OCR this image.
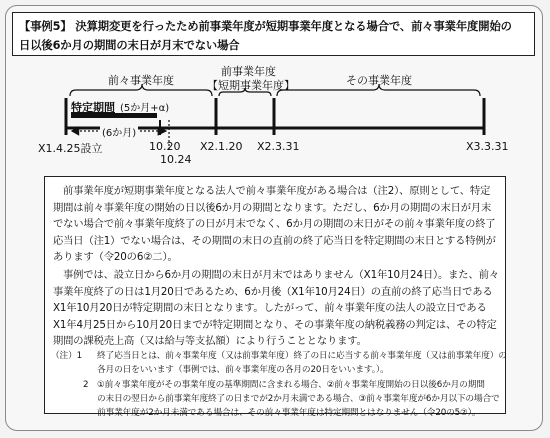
【事例5】 決算期変更を行ったため前事業年度が短期事業年度となる場合で、前々事業年度開始の
日以後6か月の期間の末日が月末でない場合
前々事業年度
前事業年度
【短期事業年度】	その事業年度
特定期間 (5か月+α)
(6か月)
X1.4.25設立	10.20
10.24
X2.1.20 X2.3.31	X3.3.31

前事業年度が短期事業年度となる法人で前々事業年度がある場合は（注2）、原則として、特定期間は前々事業年度の開始の日以後6か月の期間となります。ただし、6か月の期間の末日が月末でない場合で前々事業年度終了の日が月末でなく、6か月の期間の末日がその前々事業年度の終了応当日（注1）でない場合は、その期間の末日の直前の終了応当日を特定期間の末日とする特例があります（令20の6②二）。

事例では、設立日から6か月の期間の末日が月末ではありません（X1年10月24日）。また、前々事業年度終了の日は1月20日であるため、6か月後（X1年10月24日）の直前の終了応当日であるX1年10月20日が特定期間の末日となります。したがって、前々事業年度の法人の設立日であるX1年4月25日から10月20日までが特定期間となり、その事業年度の納税義務の判定は、その特定期間の課税売上高（又は給与等支払額）により行うこととなります。

（注）1 終了応当日とは、前々事業年度（又は前事業年度）終了の日に応当する前々事業年度（又は前事業年度）の
各月の日をいいます（事例では、前々事業年度の各月の20日をいいます。）。
2 ①前々事業年度がその事業年度の基準期間に含まれる場合、②前々事業年度開始の日以後6か月の期間
の末日の翌日から前事業年度終了の日までが2か月未満である場合、③前々事業年度が6か月以下の場合で
前事業年度が2か月未満である場合は、その前々事業年度は特定期間とはなりません（令20の5②）。
